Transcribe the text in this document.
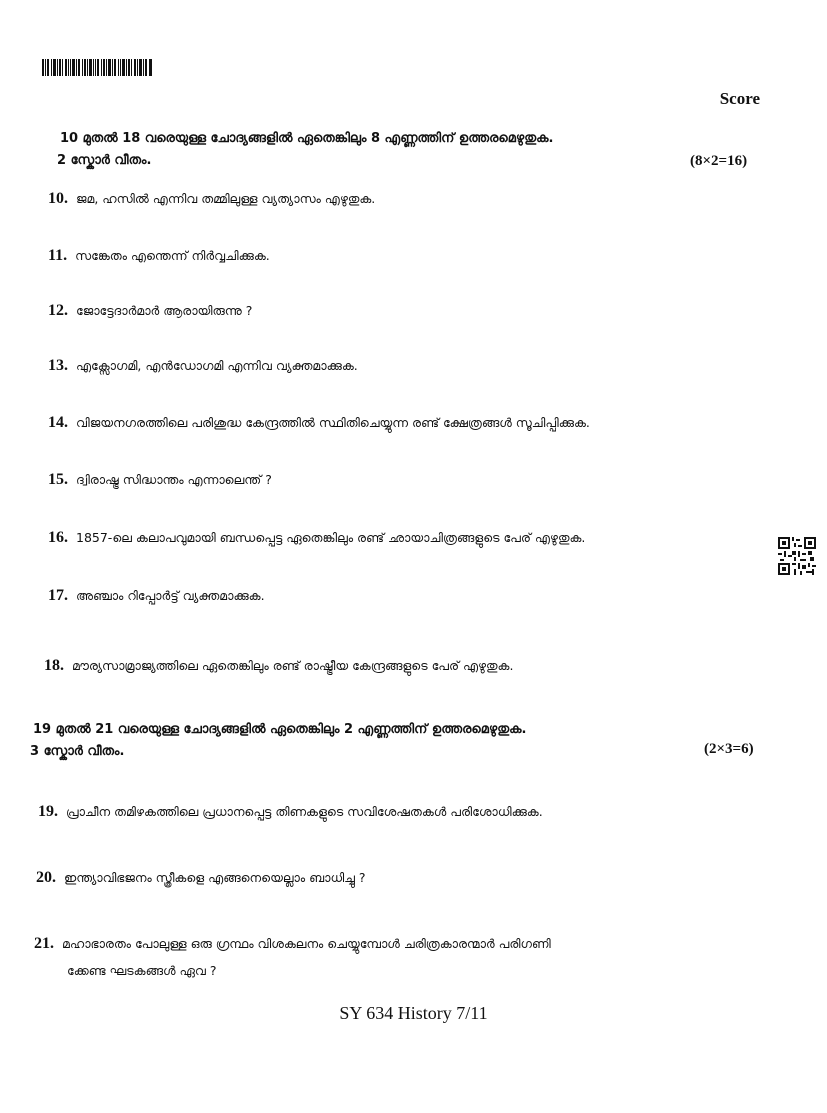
Score
10 മുതൽ 18 വരെയുള്ള ചോദ്യങ്ങളിൽ ഏതെങ്കിലും 8 എണ്ണത്തിന് ഉത്തരമെഴുതുക.
2 സ്കോർ വീതം.	(8×2=16)
10. ജമ, ഹസിൽ എന്നിവ തമ്മിലുള്ള വ്യത്യാസം എഴുതുക.
11. സങ്കേതം എന്തെന്ന് നിർവ്വചിക്കുക.
12. ജോട്ടേദാർമാർ ആരായിരുന്നു ?
13. എക്സോഗമി, എൻഡോഗമി എന്നിവ വ്യക്തമാക്കുക.
14. വിജയനഗരത്തിലെ പരിശുദ്ധ കേന്ദ്രത്തിൽ സ്ഥിതിചെയ്യുന്ന രണ്ട് ക്ഷേത്രങ്ങൾ സൂചിപ്പിക്കുക.
15. ദ്വിരാഷ്ട്ര സിദ്ധാന്തം എന്നാലെന്ത് ?
16. 1857-ലെ കലാപവുമായി ബന്ധപ്പെട്ട ഏതെങ്കിലും രണ്ട് ഛായാചിത്രങ്ങളുടെ പേര് എഴുതുക.
17. അഞ്ചാം റിപ്പോർട്ട് വ്യക്തമാക്കുക.
18. മൗര്യസാമ്രാജ്യത്തിലെ ഏതെങ്കിലും രണ്ട് രാഷ്ട്രീയ കേന്ദ്രങ്ങളുടെ പേര് എഴുതുക.
19 മുതൽ 21 വരെയുള്ള ചോദ്യങ്ങളിൽ ഏതെങ്കിലും 2 എണ്ണത്തിന് ഉത്തരമെഴുതുക.
3 സ്കോർ വീതം.	(2×3=6)
19. പ്രാചീന തമിഴകത്തിലെ പ്രധാനപ്പെട്ട തിണകളുടെ സവിശേഷതകൾ പരിശോധിക്കുക.
20. ഇന്ത്യാവിഭജനം സ്ത്രീകളെ എങ്ങനെയെല്ലാം ബാധിച്ചു ?
21. മഹാഭാരതം പോലുള്ള ഒരു ഗ്രന്ഥം വിശകലനം ചെയ്യുമ്പോൾ ചരിത്രകാരന്മാർ പരിഗണി
ക്കേണ്ട ഘടകങ്ങൾ ഏവ ?
SY 634 History 7/11
